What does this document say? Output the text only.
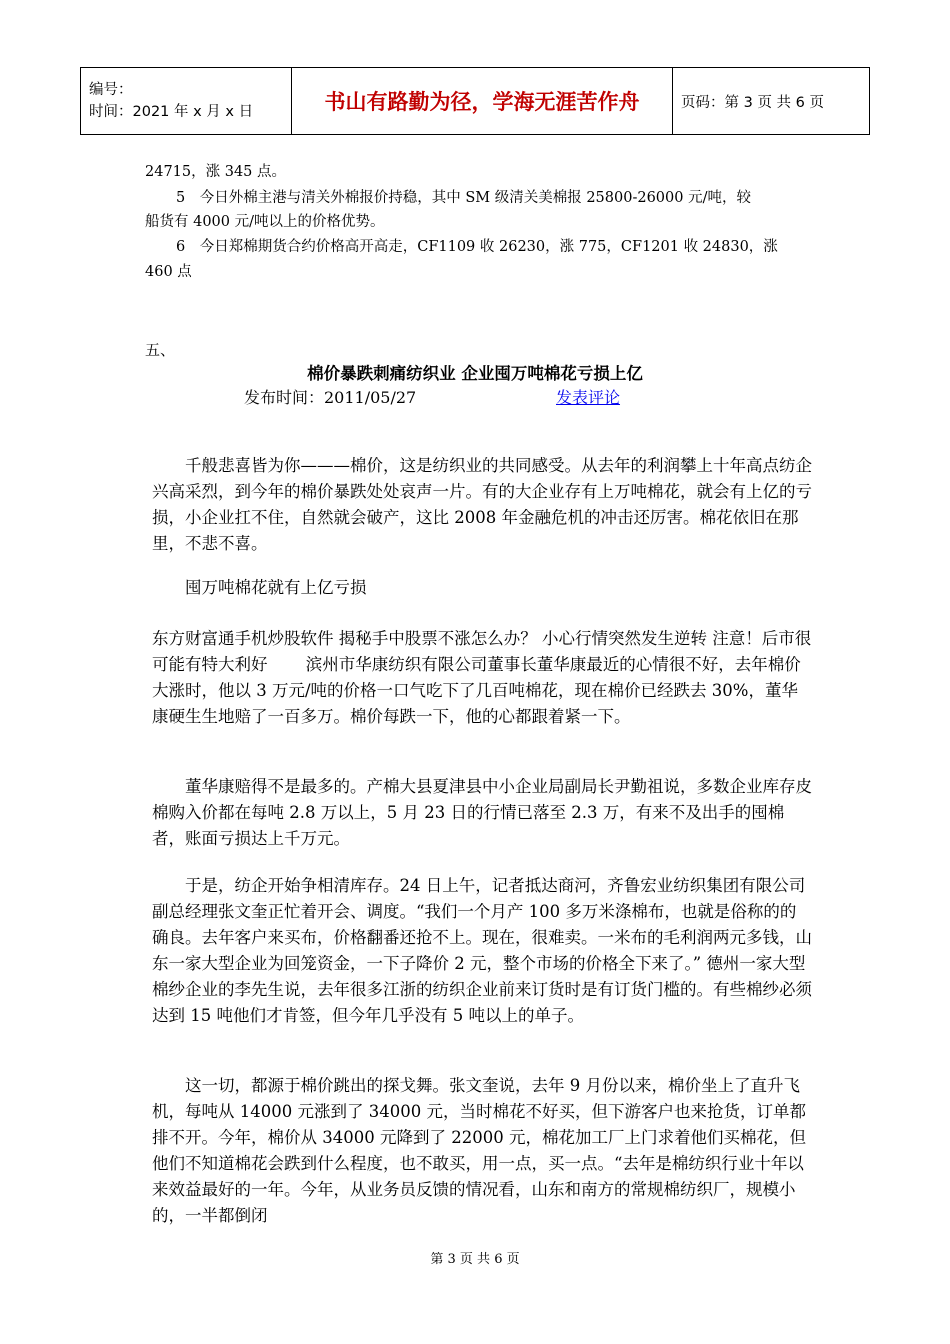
编号：
时间：2021 年 x 月 x 日	书山有路勤为径，学海无涯苦作舟	页码：第 3 页 共 6 页
24715，涨 345 点。
5　今日外棉主港与清关外棉报价持稳，其中 SM 级清关美棉报 25800-26000 元/吨，较
船货有 4000 元/吨以上的价格优势。
6　今日郑棉期货合约价格高开高走，CF1109 收 26230，涨 775，CF1201 收 24830，涨
460 点
五、
棉价暴跌刺痛纺织业 企业囤万吨棉花亏损上亿
发布时间：2011/05/27	发表评论
千般悲喜皆为你———棉价，这是纺织业的共同感受。从去年的利润攀上十年高点纺企兴高采烈，到今年的棉价暴跌处处哀声一片。有的大企业存有上万吨棉花，就会有上亿的亏损，小企业扛不住，自然就会破产，这比 2008 年金融危机的冲击还厉害。棉花依旧在那里，不悲不喜。
囤万吨棉花就有上亿亏损
东方财富通手机炒股软件 揭秘手中股票不涨怎么办？ 小心行情突然发生逆转 注意！后市很可能有特大利好　　 滨州市华康纺织有限公司董事长董华康最近的心情很不好，去年棉价大涨时，他以 3 万元/吨的价格一口气吃下了几百吨棉花，现在棉价已经跌去 30%，董华康硬生生地赔了一百多万。棉价每跌一下，他的心都跟着紧一下。
董华康赔得不是最多的。产棉大县夏津县中小企业局副局长尹勤祖说，多数企业库存皮棉购入价都在每吨 2.8 万以上，5 月 23 日的行情已落至 2.3 万，有来不及出手的囤棉者，账面亏损达上千万元。
于是，纺企开始争相清库存。24 日上午，记者抵达商河，齐鲁宏业纺织集团有限公司副总经理张文奎正忙着开会、调度。“我们一个月产 100 多万米涤棉布，也就是俗称的的确良。去年客户来买布，价格翻番还抢不上。现在，很难卖。一米布的毛利润两元多钱，山东一家大型企业为回笼资金，一下子降价 2 元，整个市场的价格全下来了。” 德州一家大型棉纱企业的李先生说，去年很多江浙的纺织企业前来订货时是有订货门槛的。有些棉纱必须达到 15 吨他们才肯签，但今年几乎没有 5 吨以上的单子。
这一切，都源于棉价跳出的探戈舞。张文奎说，去年 9 月份以来，棉价坐上了直升飞机，每吨从 14000 元涨到了 34000 元，当时棉花不好买，但下游客户也来抢货，订单都排不开。今年，棉价从 34000 元降到了 22000 元，棉花加工厂上门求着他们买棉花，但他们不知道棉花会跌到什么程度，也不敢买，用一点，买一点。“去年是棉纺织行业十年以来效益最好的一年。今年，从业务员反馈的情况看，山东和南方的常规棉纺织厂，规模小的，一半都倒闭
第 3 页 共 6 页
